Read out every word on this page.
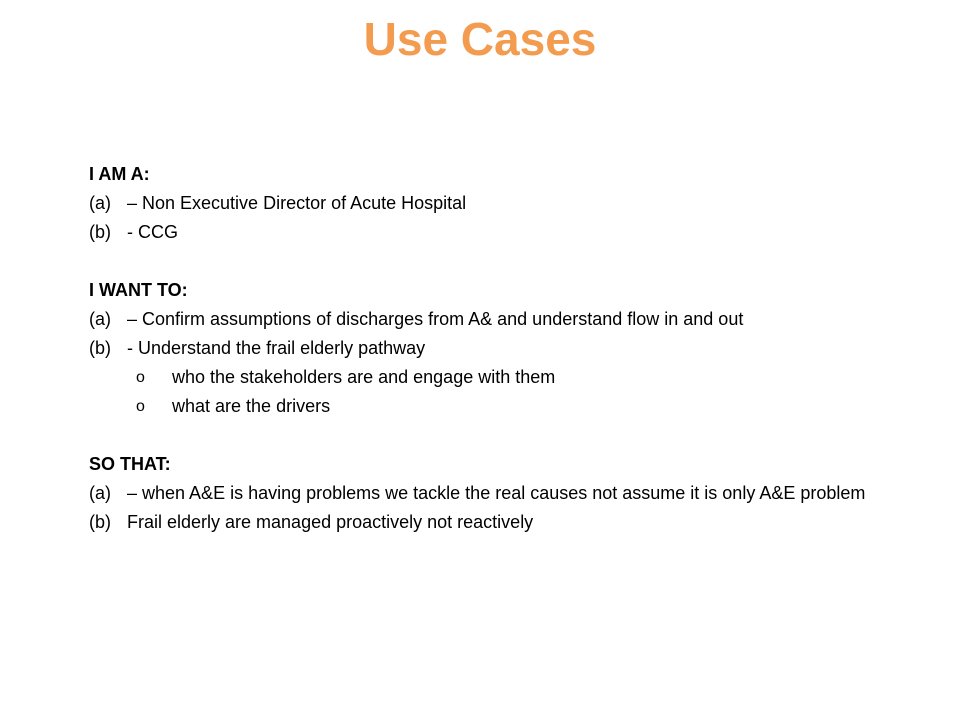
Use Cases
I AM A:
(a) – Non Executive Director of Acute Hospital
(b) - CCG
I WANT TO:
(a) – Confirm assumptions of discharges from A& and understand flow in and out
(b) - Understand the frail elderly pathway
o who the stakeholders are and engage with them
o what are the drivers
SO THAT:
(a) – when A&E is having problems we tackle the real causes not assume it is only A&E problem
(b) Frail elderly are managed proactively not reactively
